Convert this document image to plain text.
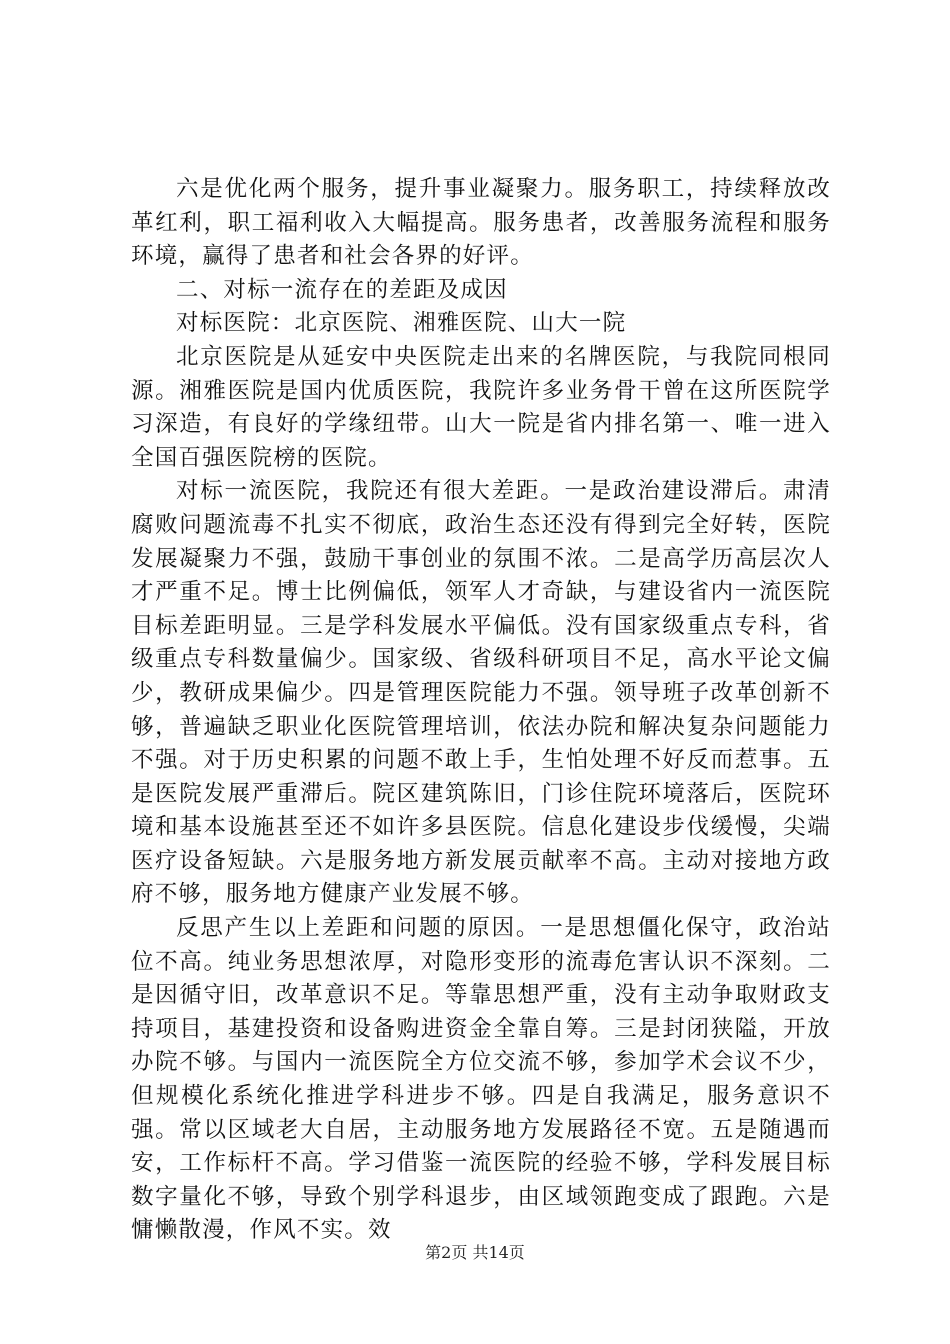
六是优化两个服务，提升事业凝聚力。服务职工，持续释放改革红利，职工福利收入大幅提高。服务患者，改善服务流程和服务环境，赢得了患者和社会各界的好评。

二、对标一流存在的差距及成因

对标医院：北京医院、湘雅医院、山大一院

北京医院是从延安中央医院走出来的名牌医院，与我院同根同源。湘雅医院是国内优质医院，我院许多业务骨干曾在这所医院学习深造，有良好的学缘纽带。山大一院是省内排名第一、唯一进入全国百强医院榜的医院。

对标一流医院，我院还有很大差距。一是政治建设滞后。肃清腐败问题流毒不扎实不彻底，政治生态还没有得到完全好转，医院发展凝聚力不强，鼓励干事创业的氛围不浓。二是高学历高层次人才严重不足。博士比例偏低，领军人才奇缺，与建设省内一流医院目标差距明显。三是学科发展水平偏低。没有国家级重点专科，省级重点专科数量偏少。国家级、省级科研项目不足，高水平论文偏少，教研成果偏少。四是管理医院能力不强。领导班子改革创新不够，普遍缺乏职业化医院管理培训，依法办院和解决复杂问题能力不强。对于历史积累的问题不敢上手，生怕处理不好反而惹事。五是医院发展严重滞后。院区建筑陈旧，门诊住院环境落后，医院环境和基本设施甚至还不如许多县医院。信息化建设步伐缓慢，尖端医疗设备短缺。六是服务地方新发展贡献率不高。主动对接地方政府不够，服务地方健康产业发展不够。

反思产生以上差距和问题的原因。一是思想僵化保守，政治站位不高。纯业务思想浓厚，对隐形变形的流毒危害认识不深刻。二是因循守旧，改革意识不足。等靠思想严重，没有主动争取财政支持项目，基建投资和设备购进资金全靠自筹。三是封闭狭隘，开放办院不够。与国内一流医院全方位交流不够，参加学术会议不少，但规模化系统化推进学科进步不够。四是自我满足，服务意识不强。常以区域老大自居，主动服务地方发展路径不宽。五是随遇而安，工作标杆不高。学习借鉴一流医院的经验不够，学科发展目标数字量化不够，导致个别学科退步，由区域领跑变成了跟跑。六是慵懒散漫，作风不实。效

第2页 共14页
